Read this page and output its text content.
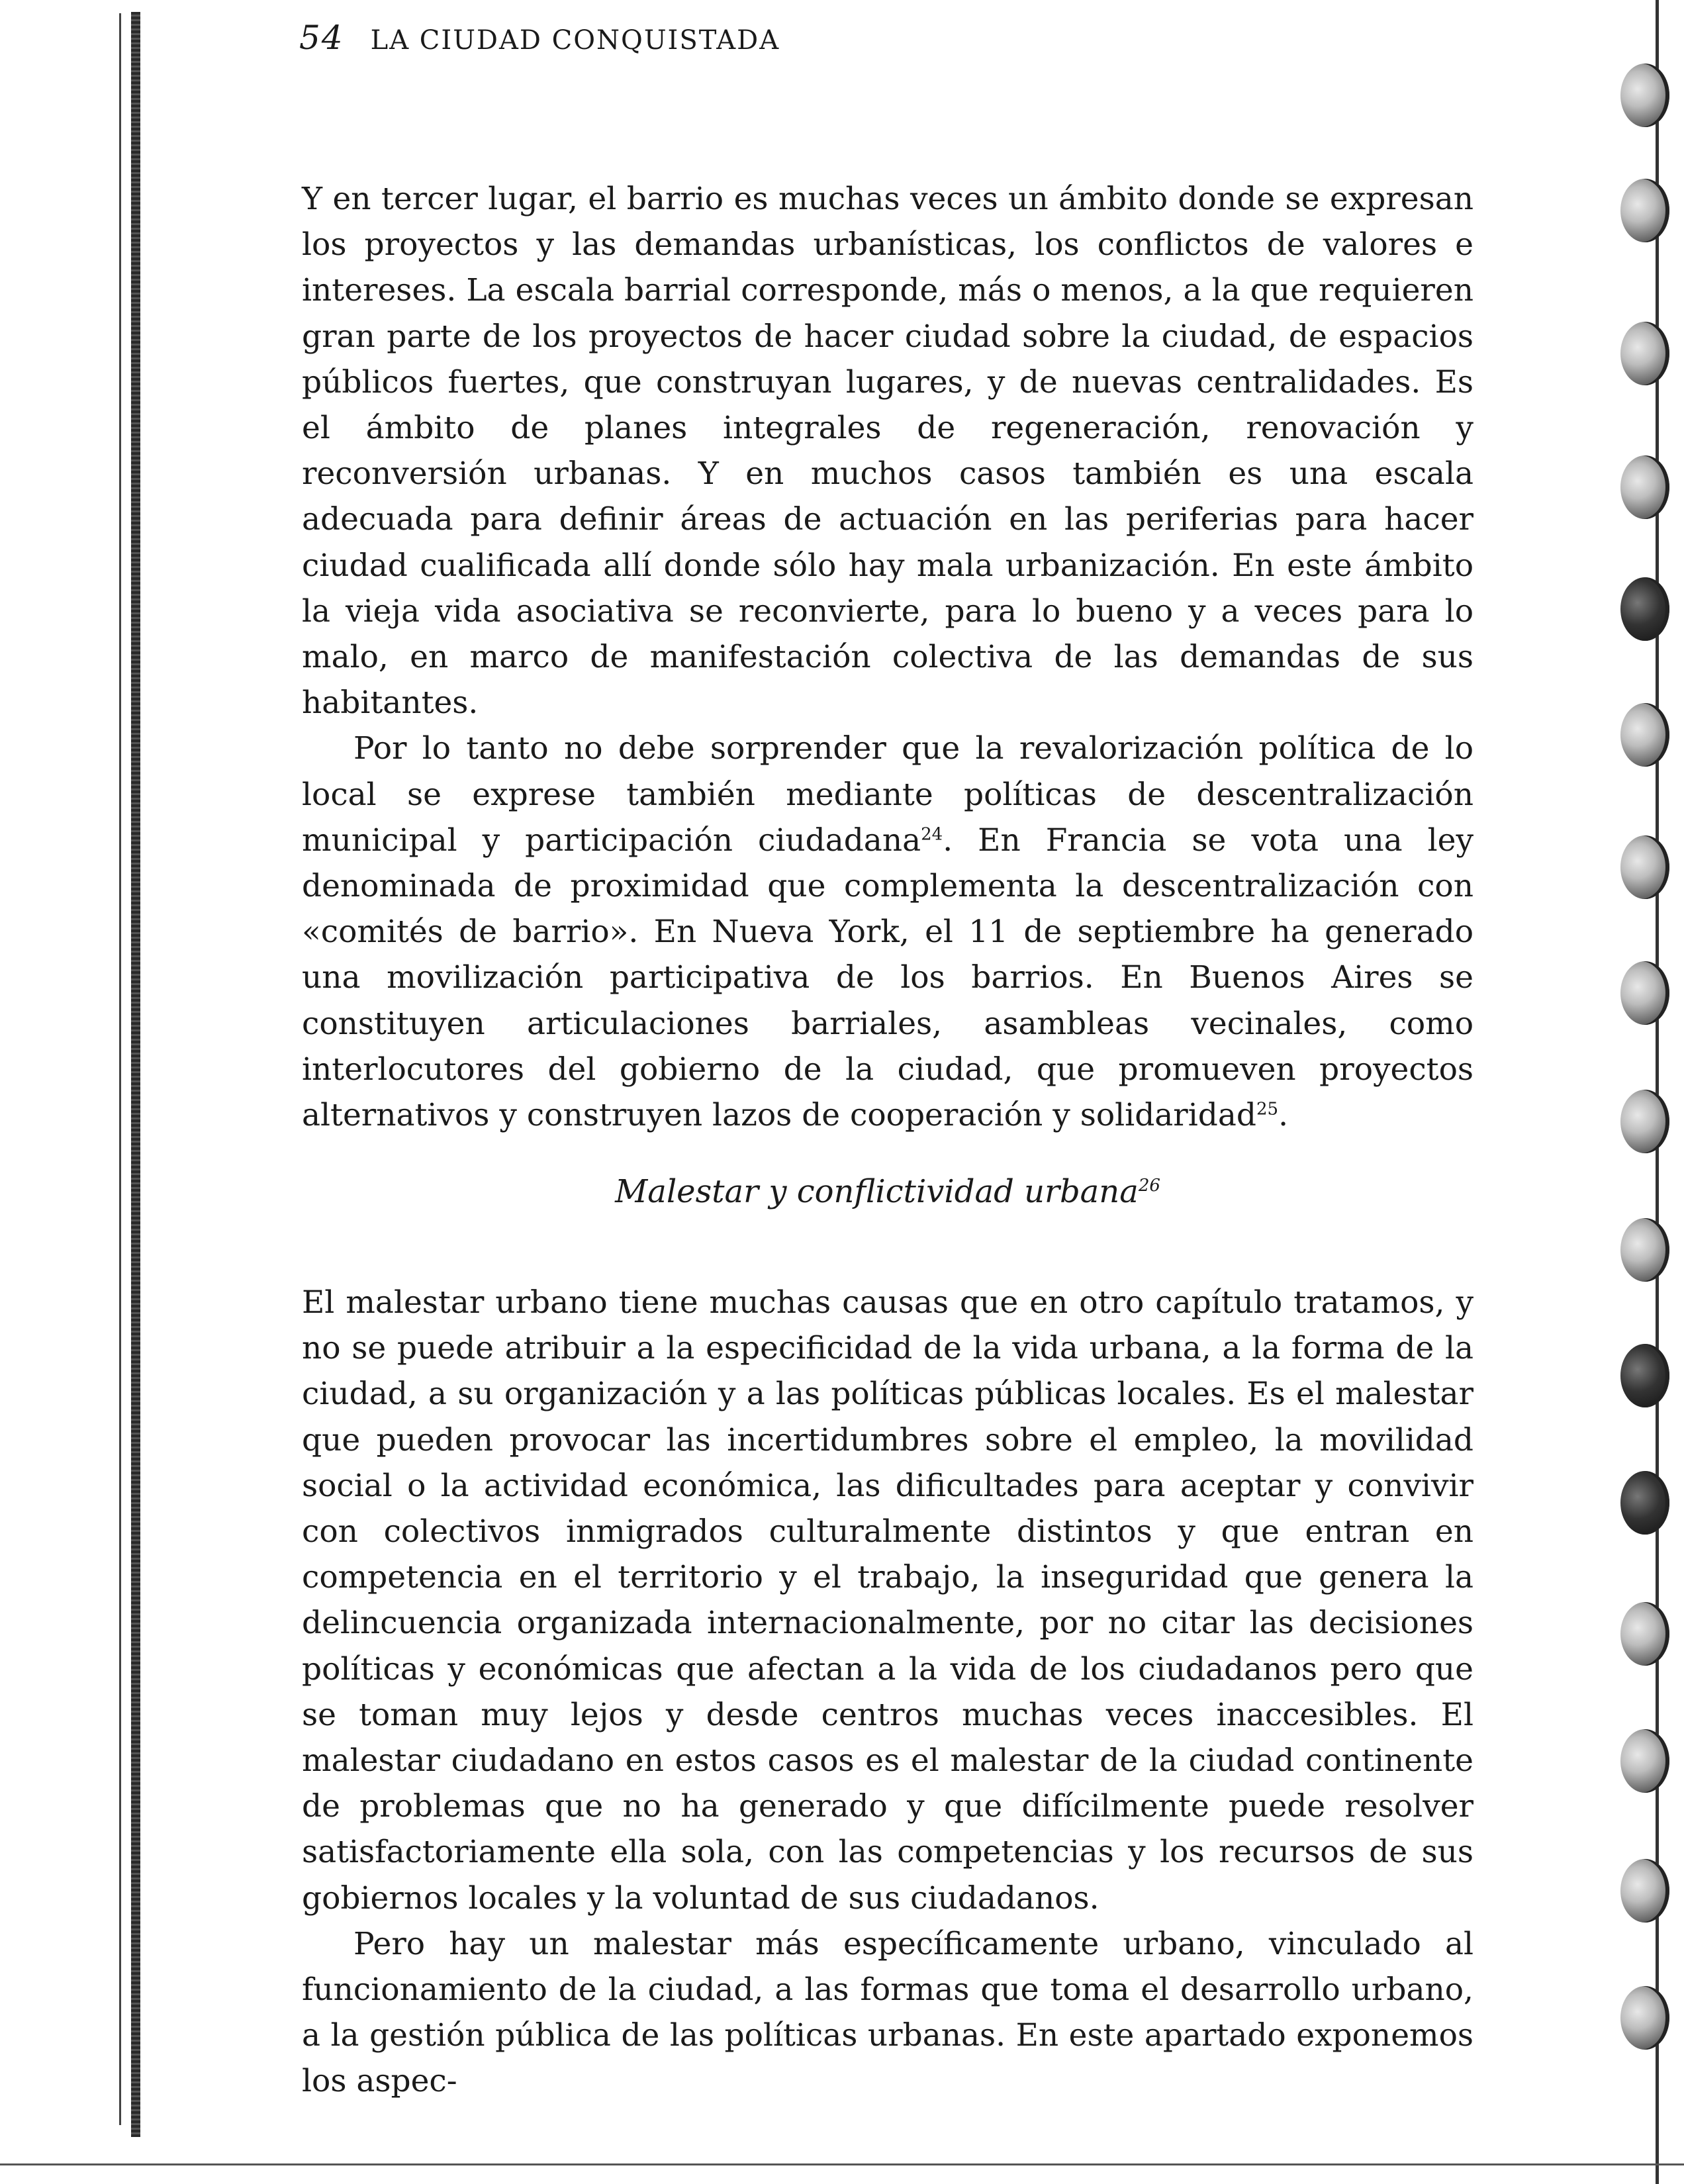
54 LA CIUDAD CONQUISTADA

Y en tercer lugar, el barrio es muchas veces un ámbito donde se expresan los proyectos y las demandas urbanísticas, los conflictos de valores e intereses. La escala barrial corresponde, más o menos, a la que requieren gran parte de los proyectos de hacer ciudad sobre la ciudad, de espacios públicos fuertes, que construyan lugares, y de nuevas centralidades. Es el ámbito de planes integrales de regeneración, renovación y reconversión urbanas. Y en muchos casos también es una escala adecuada para definir áreas de actuación en las periferias para hacer ciudad cualificada allí donde sólo hay mala urbanización. En este ámbito la vieja vida asociativa se reconvierte, para lo bueno y a veces para lo malo, en marco de manifestación colectiva de las demandas de sus habitantes.

Por lo tanto no debe sorprender que la revalorización política de lo local se exprese también mediante políticas de descentralización municipal y participación ciudadana$^{24}$. En Francia se vota una ley denominada de proximidad que complementa la descentralización con «comités de barrio». En Nueva York, el 11 de septiembre ha generado una movilización participativa de los barrios. En Buenos Aires se constituyen articulaciones barriales, asambleas vecinales, como interlocutores del gobierno de la ciudad, que promueven proyectos alternativos y construyen lazos de cooperación y solidaridad$^{25}$.

Malestar y conflictividad urbana$^{26}$

El malestar urbano tiene muchas causas que en otro capítulo tratamos, y no se puede atribuir a la especificidad de la vida urbana, a la forma de la ciudad, a su organización y a las políticas públicas locales. Es el malestar que pueden provocar las incertidumbres sobre el empleo, la movilidad social o la actividad económica, las dificultades para aceptar y convivir con colectivos inmigrados culturalmente distintos y que entran en competencia en el territorio y el trabajo, la inseguridad que genera la delincuencia organizada internacionalmente, por no citar las decisiones políticas y económicas que afectan a la vida de los ciudadanos pero que se toman muy lejos y desde centros muchas veces inaccesibles. El malestar ciudadano en estos casos es el malestar de la ciudad continente de problemas que no ha generado y que difícilmente puede resolver satisfactoriamente ella sola, con las competencias y los recursos de sus gobiernos locales y la voluntad de sus ciudadanos.

Pero hay un malestar más específicamente urbano, vinculado al funcionamiento de la ciudad, a las formas que toma el desarrollo urbano, a la gestión pública de las políticas urbanas. En este apartado exponemos los aspec-
